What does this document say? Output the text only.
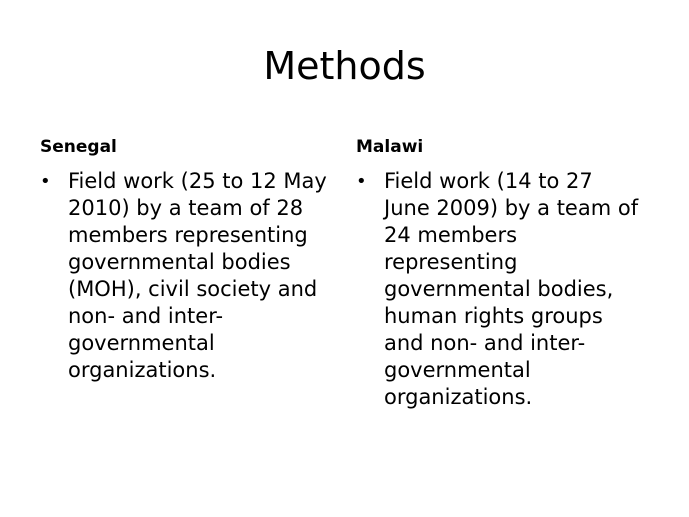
Methods
Senegal
• Field work (25 to 12 May
2010) by a team of 28
members representing
governmental bodies
(MOH), civil society and
non- and inter-
governmental
organizations.
Malawi
• Field work (14 to 27
June 2009) by a team of
24 members
representing
governmental bodies,
human rights groups
and non- and inter-
governmental
organizations.
